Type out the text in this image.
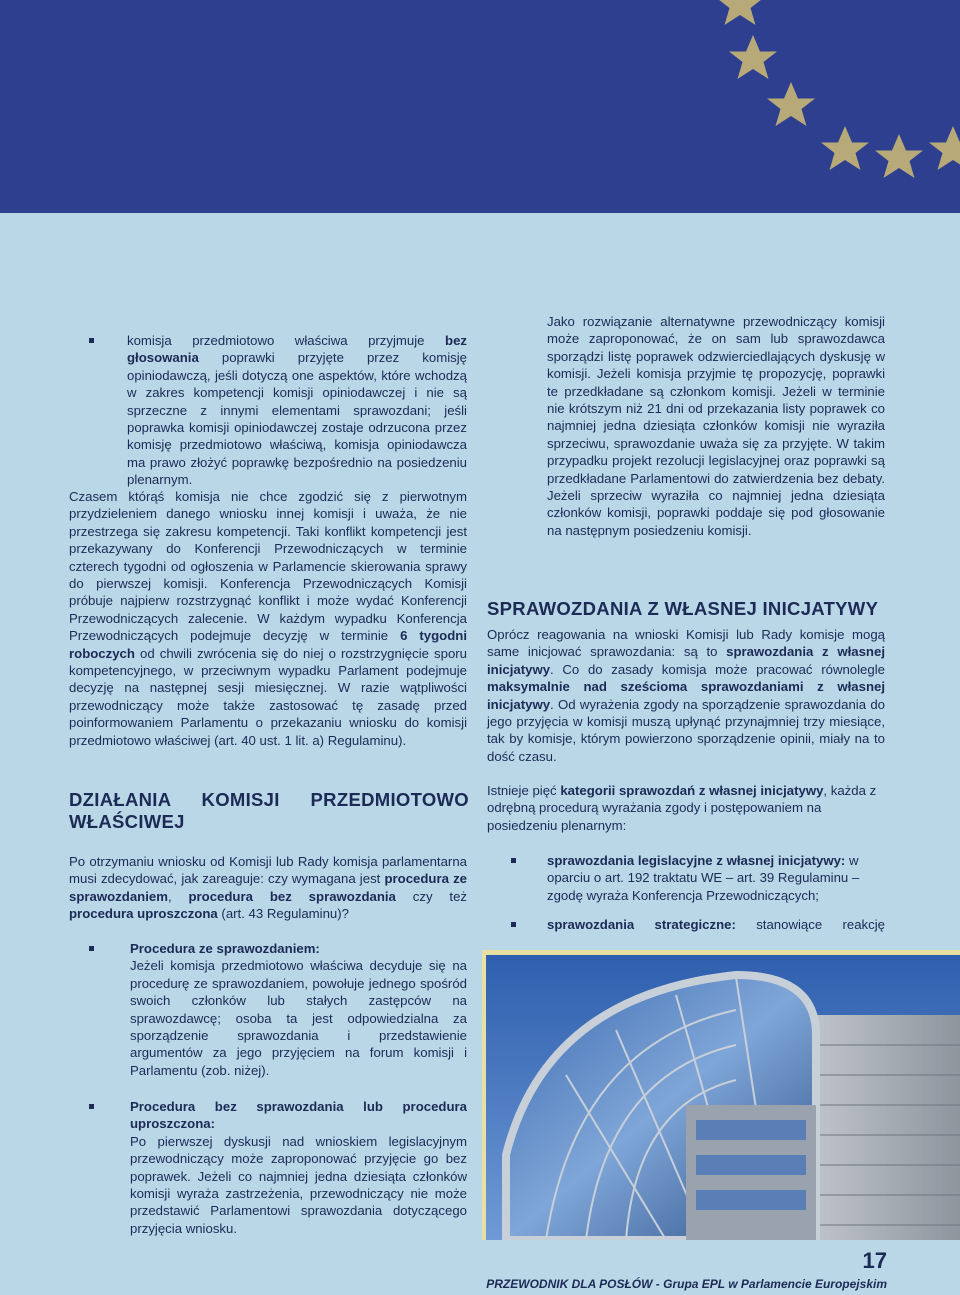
komisja przedmiotowo właściwa przyjmuje bez głosowania poprawki przyjęte przez komisję opiniodawczą, jeśli dotyczą one aspektów, które wchodzą w zakres kompetencji komisji opiniodawczej i nie są sprzeczne z innymi elementami sprawozdani; jeśli poprawka komisji opiniodawczej zostaje odrzucona przez komisję przedmiotowo właściwą, komisja opiniodawcza ma prawo złożyć poprawkę bezpośrednio na posiedzeniu plenarnym.

Czasem którąś komisja nie chce zgodzić się z pierwotnym przydzieleniem danego wniosku innej komisji i uważa, że nie przestrzega się zakresu kompetencji. Taki konflikt kompetencji jest przekazywany do Konferencji Przewodniczących w terminie czterech tygodni od ogłoszenia w Parlamencie skierowania sprawy do pierwszej komisji. Konferencja Przewodniczących Komisji próbuje najpierw rozstrzygnąć konflikt i może wydać Konferencji Przewodniczących zalecenie. W każdym wypadku Konferencja Przewodniczących podejmuje decyzję w terminie 6 tygodni roboczych od chwili zwrócenia się do niej o rozstrzygnięcie sporu kompetencyjnego, w przeciwnym wypadku Parlament podejmuje decyzję na następnej sesji miesięcznej. W razie wątpliwości przewodniczący może także zastosować tę zasadę przed poinformowaniem Parlamentu o przekazaniu wniosku do komisji przedmiotowo właściwej (art. 40 ust. 1 lit. a) Regulaminu).

DZIAŁANIA KOMISJI PRZEDMIOTOWO WŁAŚCIWEJ

Po otrzymaniu wniosku od Komisji lub Rady komisja parlamentarna musi zdecydować, jak zareaguje: czy wymagana jest procedura ze sprawozdaniem, procedura bez sprawozdania czy też procedura uproszczona (art. 43 Regulaminu)?

Procedura ze sprawozdaniem:

Jeżeli komisja przedmiotowo właściwa decyduje się na procedurę ze sprawozdaniem, powołuje jednego spośród swoich członków lub stałych zastępców na sprawozdawcę; osoba ta jest odpowiedzialna za sporządzenie sprawozdania i przedstawienie argumentów za jego przyjęciem na forum komisji i Parlamentu (zob. niżej).

Procedura bez sprawozdania lub procedura uproszczona:

Po pierwszej dyskusji nad wnioskiem legislacyjnym przewodniczący może zaproponować przyjęcie go bez poprawek. Jeżeli co najmniej jedna dziesiąta członków komisji wyraża zastrzeżenia, przewodniczący nie może przedstawić Parlamentowi sprawozdania dotyczącego przyjęcia wniosku.

Jako rozwiązanie alternatywne przewodniczący komisji może zaproponować, że on sam lub sprawozdawca sporządzi listę poprawek odzwierciedlających dyskusję w komisji. Jeżeli komisja przyjmie tę propozycję, poprawki te przedkładane są członkom komisji. Jeżeli w terminie nie krótszym niż 21 dni od przekazania listy poprawek co najmniej jedna dziesiąta członków komisji nie wyraziła sprzeciwu, sprawozdanie uważa się za przyjęte. W takim przypadku projekt rezolucji legislacyjnej oraz poprawki są przedkładane Parlamentowi do zatwierdzenia bez debaty. Jeżeli sprzeciw wyraziła co najmniej jedna dziesiąta członków komisji, poprawki poddaje się pod głosowanie na następnym posiedzeniu komisji.
SPRAWOZDANIA Z WŁASNEJ INICJATYWY

Oprócz reagowania na wnioski Komisji lub Rady komisje mogą same inicjować sprawozdania: są to sprawozdania z własnej inicjatywy. Co do zasady komisja może pracować równolegle maksymalnie nad sześcioma sprawozdaniami z własnej inicjatywy. Od wyrażenia zgody na sporządzenie sprawozdania do jego przyjęcia w komisji muszą upłynąć przynajmniej trzy miesiące, tak by komisje, którym powierzono sporządzenie opinii, miały na to dość czasu.

Istnieje pięć kategorii sprawozdań z własnej inicjatywy, każda z odrębną procedurą wyrażania zgody i postępowaniem na posiedzeniu plenarnym:

sprawozdania legislacyjne z własnej inicjatywy: w oparciu o art. 192 traktatu WE – art. 39 Regulaminu – zgodę wyraża Konferencja Przewodniczących;

sprawozdania strategiczne: stanowiące reakcję

17
PRZEWODNIK DLA POSŁÓW - Grupa EPL w Parlamencie Europejskim
